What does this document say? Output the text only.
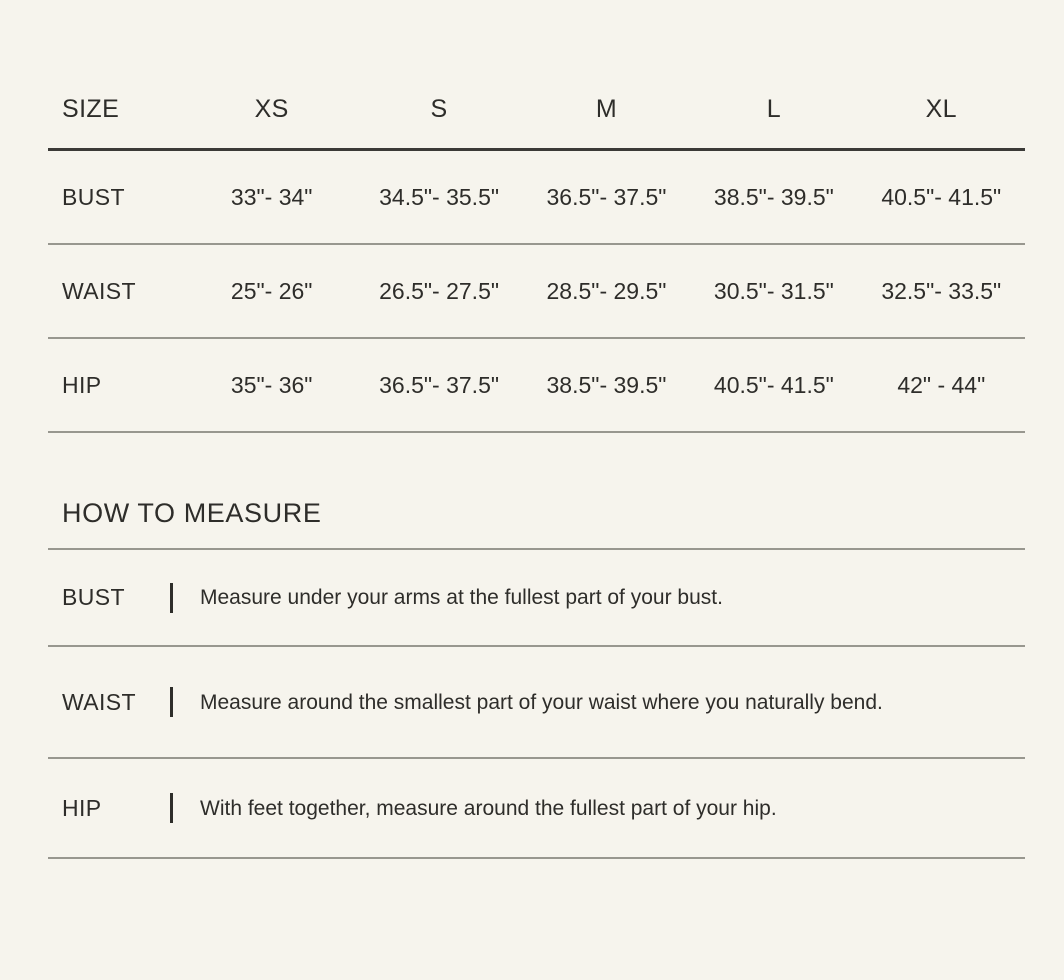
SIZE	XS	S	M	L	XL
BUST	33"- 34"	34.5"- 35.5"	36.5"- 37.5"	38.5"- 39.5"	40.5"- 41.5"
WAIST	25"- 26"	26.5"- 27.5"	28.5"- 29.5"	30.5"- 31.5"	32.5"- 33.5"
HIP	35"- 36"	36.5"- 37.5"	38.5"- 39.5"	40.5"- 41.5"	42" - 44"
HOW TO MEASURE
BUST	Measure under your arms at the fullest part of your bust.
WAIST	Measure around the smallest part of your waist where you naturally bend.
HIP	With feet together, measure around the fullest part of your hip.
